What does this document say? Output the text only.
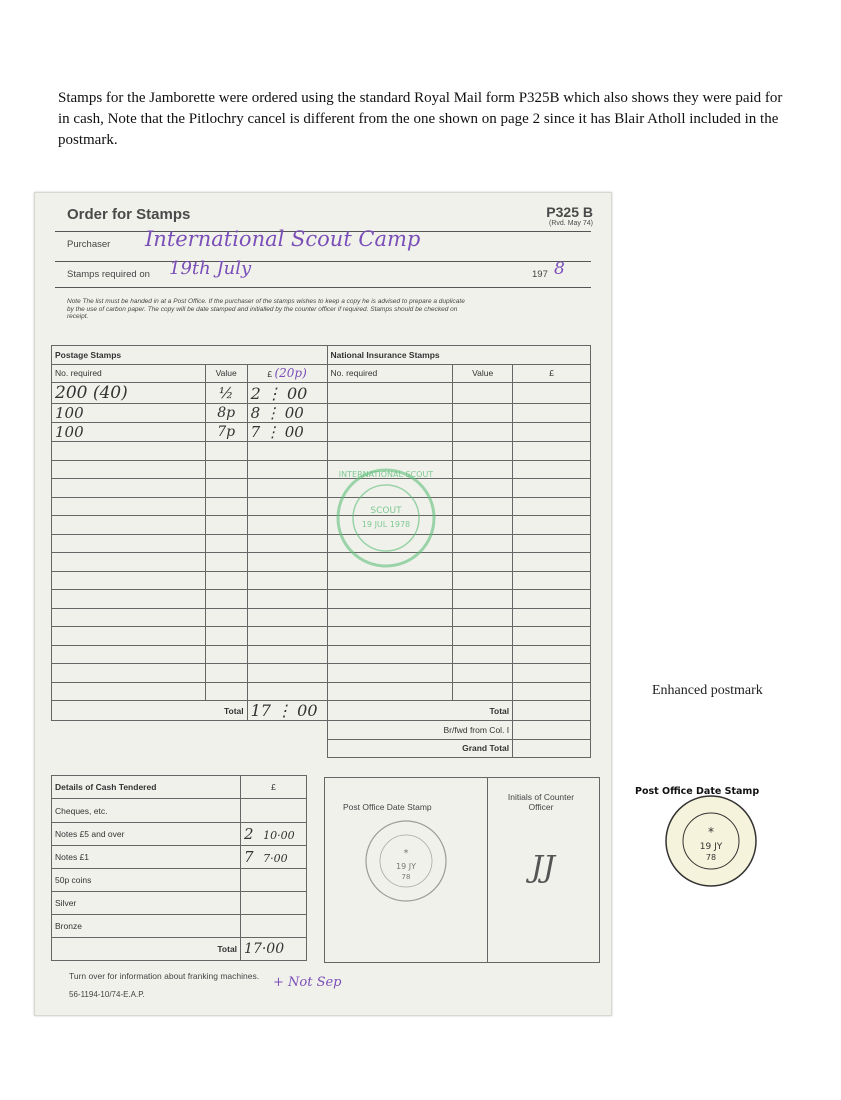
Stamps for the Jamborette were ordered using the standard Royal Mail form P325B which also shows they were paid for in cash, Note that the Pitlochry cancel is different from the one shown on page 2 since it has Blair Atholl included in the postmark.
Order for Stamps	P325 B
(Rvd. May 74)
Purchaser International Scout Camp
Stamps required on 19th July	197 8
Note The list must be handed in at a Post Office. If the purchaser of the stamps wishes to keep a copy he is advised to prepare a duplicate by the use of carbon paper. The copy will be date stamped and initialled by the counter officer if required. Stamps should be checked on receipt.
Postage Stamps			National Insurance Stamps		
No. required	Value	£ (20p)	No. required	Value	£
200 (40)	½	2 ⋮ 00			
100	8p	8 ⋮ 00			
100	7p	7 ⋮ 00			

Total		17 ⋮ 00	Total		
			Br/fwd from Col. I		
			Grand Total		
INTERNATIONAL SCOUT
SCOUT
19 JUL 1978
Details of Cash Tendered	£
Cheques, etc.	
Notes £5 and over	2 10·00
Notes £1	7 7·00
50p coins	
Silver	
Bronze	
Total	17·00
Post Office Date Stamp
Initials of Counter Officer
JJ
*
19 JY
78
Turn over for information about franking machines.
56-1194-10/74-E.A.P.
+ Not Sep
Enhanced postmark
*
19 JY
78
Post Office Date Stamp
